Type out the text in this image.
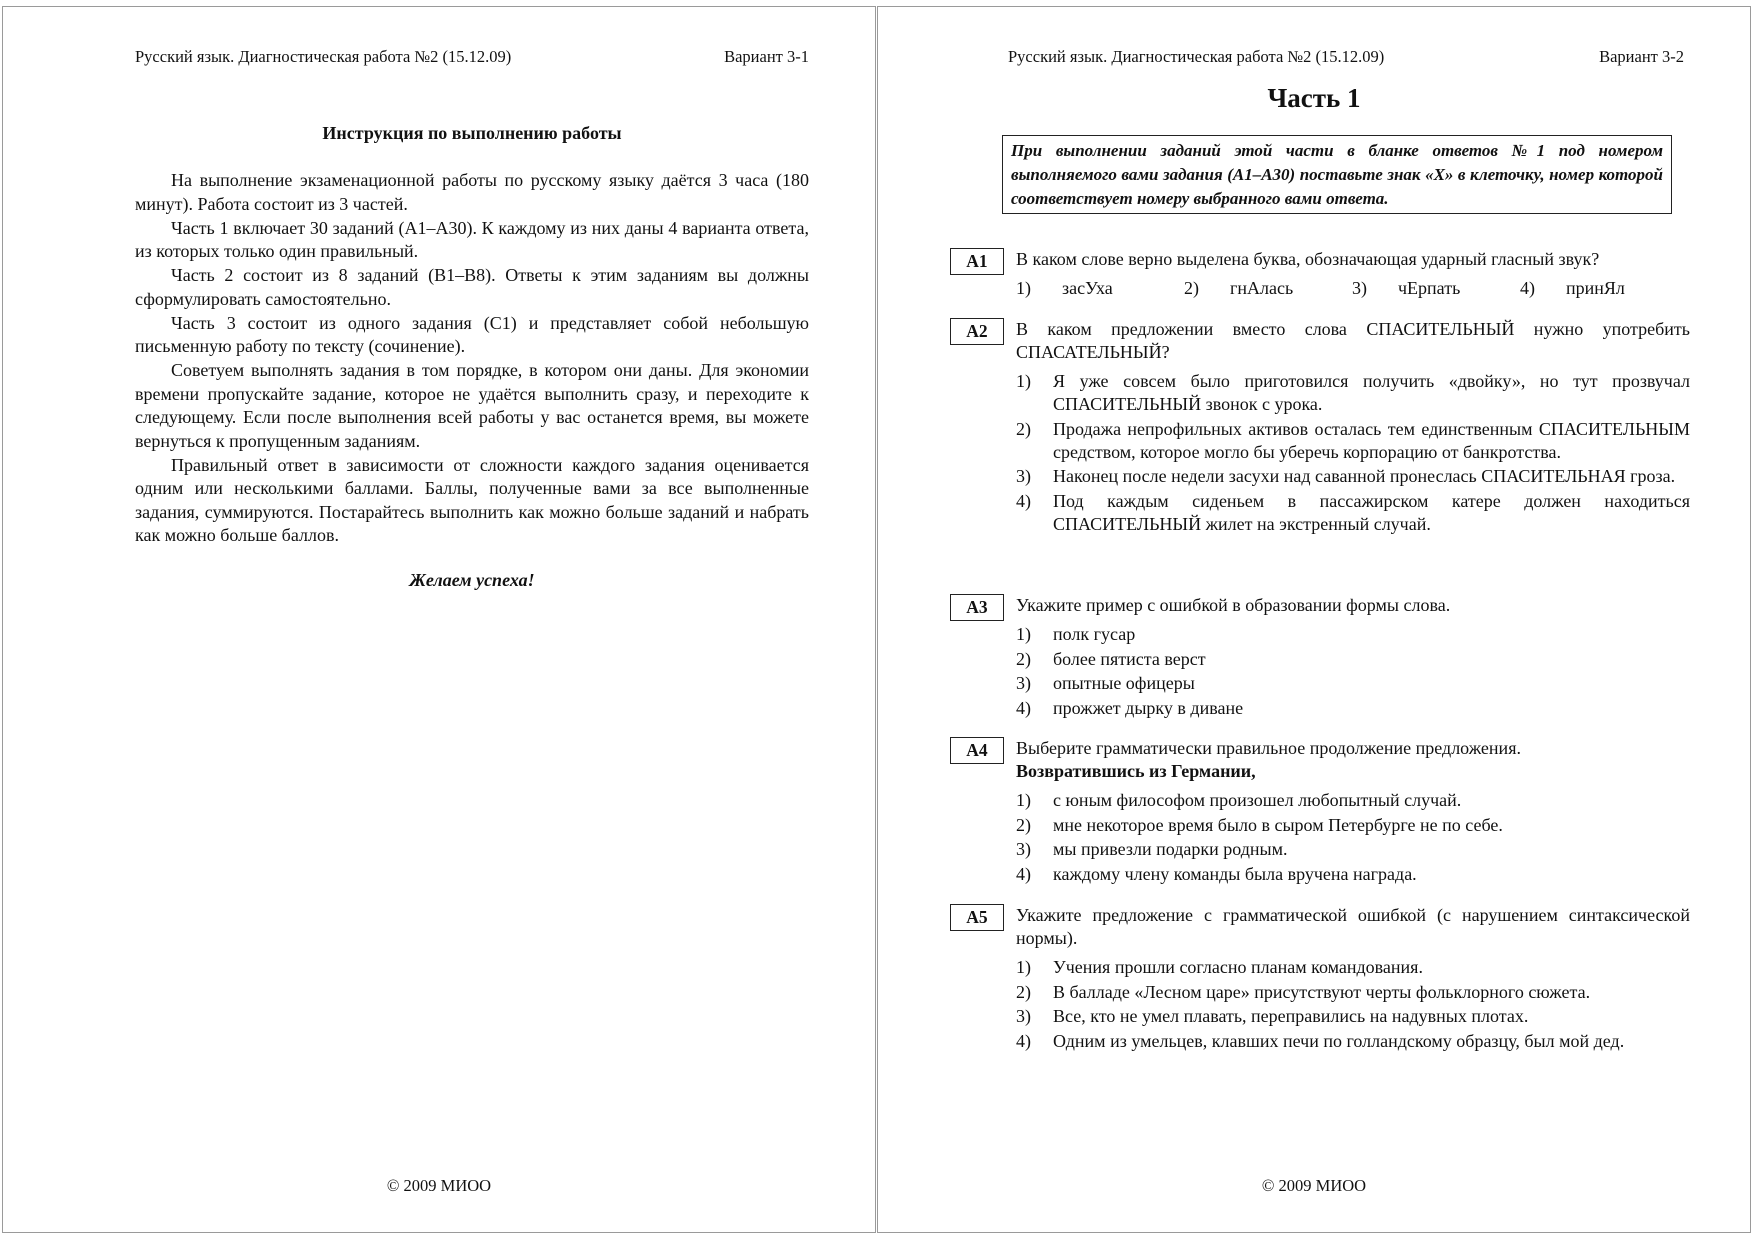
Русский язык. Диагностическая работа №2 (15.12.09)	Вариант 3-1
Инструкция по выполнению работы

На выполнение экзаменационной работы по русскому языку даётся 3 часа (180 минут). Работа состоит из 3 частей.

Часть 1 включает 30 заданий (А1–А30). К каждому из них даны 4 варианта ответа, из которых только один правильный.

Часть 2 состоит из 8 заданий (В1–В8). Ответы к этим заданиям вы должны сформулировать самостоятельно.

Часть 3 состоит из одного задания (С1) и представляет собой небольшую письменную работу по тексту (сочинение).

Советуем выполнять задания в том порядке, в котором они даны. Для экономии времени пропускайте задание, которое не удаётся выполнить сразу, и переходите к следующему. Если после выполнения всей работы у вас останется время, вы можете вернуться к пропущенным заданиям.

Правильный ответ в зависимости от сложности каждого задания оценивается одним или несколькими баллами. Баллы, полученные вами за все выполненные задания, суммируются. Постарайтесь выполнить как можно больше заданий и набрать как можно больше баллов.

Желаем успеха!
© 2009 МИОО
Русский язык. Диагностическая работа №2 (15.12.09)	Вариант 3-2
Часть 1
При выполнении заданий этой части в бланке ответов №1 под номером выполняемого вами задания (А1–А30) поставьте знак «X» в клеточку, номер которой соответствует номеру выбранного вами ответа.
А1	В каком слове верно выделена буква, обозначающая ударный гласный звук?
1)	засУха	2)	гнАлась	3)	чЕрпать	4)	принЯл
А2	В каком предложении вместо слова СПАСИТЕЛЬНЫЙ нужно употребить СПАСАТЕЛЬНЫЙ?
1)	Я уже совсем было приготовился получить «двойку», но тут прозвучал СПАСИТЕЛЬНЫЙ звонок с урока.
2)	Продажа непрофильных активов осталась тем единственным СПАСИТЕЛЬНЫМ средством, которое могло бы уберечь корпорацию от банкротства.
3)	Наконец после недели засухи над саванной пронеслась СПАСИТЕЛЬНАЯ гроза.
4)	Под каждым сиденьем в пассажирском катере должен находиться СПАСИТЕЛЬНЫЙ жилет на экстренный случай.
А3	Укажите пример с ошибкой в образовании формы слова.
1)	полк гусар
2)	более пятиста верст
3)	опытные офицеры
4)	прожжет дырку в диване
А4	Выберите грамматически правильное продолжение предложения.
Возвратившись из Германии,
1)	с юным философом произошел любопытный случай.
2)	мне некоторое время было в сыром Петербурге не по себе.
3)	мы привезли подарки родным.
4)	каждому члену команды была вручена награда.
А5	Укажите предложение с грамматической ошибкой (с нарушением синтаксической нормы).
1)	Учения прошли согласно планам командования.
2)	В балладе «Лесном царе» присутствуют черты фольклорного сюжета.
3)	Все, кто не умел плавать, переправились на надувных плотах.
4)	Одним из умельцев, клавших печи по голландскому образцу, был мой дед.
© 2009 МИОО
